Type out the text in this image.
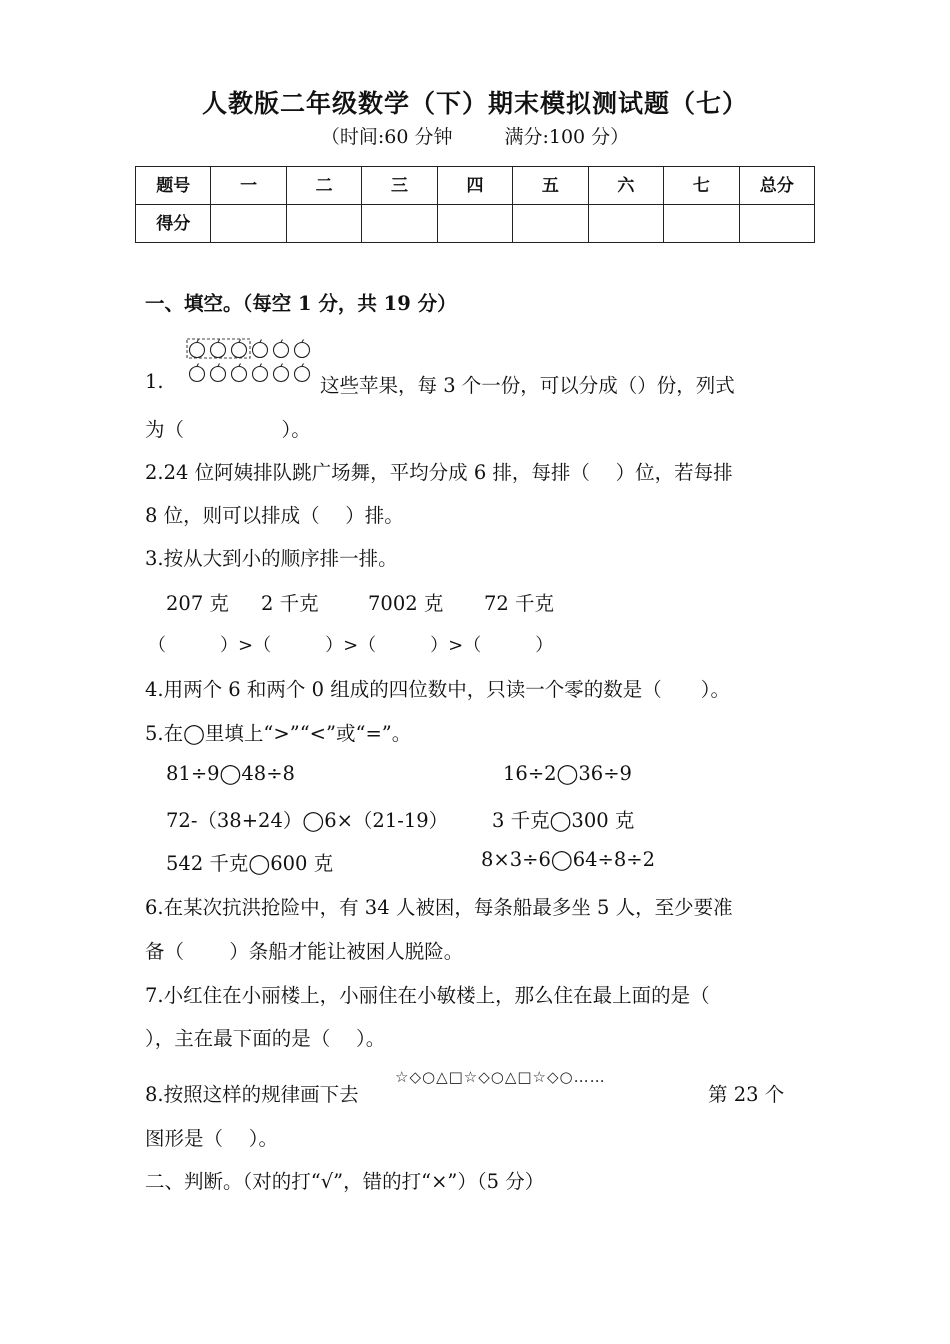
人教版二年级数学（下）期末模拟测试题（七）
（时间:60 分钟	满分:100 分）
题号	一	二	三	四	五	六	七	总分
得分								
一、填空。（每空 1 分，共 19 分）
1.	这些苹果，每 3 个一份，可以分成（）份，列式
为（　　　　　）。
2.24 位阿姨排队跳广场舞，平均分成 6 排，每排（　 ）位，若每排
8 位，则可以排成（　 ）排。
3.按从大到小的顺序排一排。
207 克 2 千克	7002 克 72 千克
（　　　）>（　　　）>（　　　）>（　　　）
4.用两个 6 和两个 0 组成的四位数中，只读一个零的数是（　　）。
5.在◯里填上“>”“<”或“=”。
81÷9◯48÷8	16÷2◯36÷9
72-（38+24）◯6×（21-19） 3 千克◯300 克
542 千克◯600 克	8×3÷6◯64÷8÷2
6.在某次抗洪抢险中，有 34 人被困，每条船最多坐 5 人，至少要准
备（　　 ）条船才能让被困人脱险。
7.小红住在小丽楼上，小丽住在小敏楼上，那么住在最上面的是（
），主在最下面的是（　 ）。
8.按照这样的规律画下去
☆◇○△□☆◇○△□☆◇○……
第 23 个
图形是（　 ）。
二、判断。（对的打“√”，错的打“×”）（5 分）
